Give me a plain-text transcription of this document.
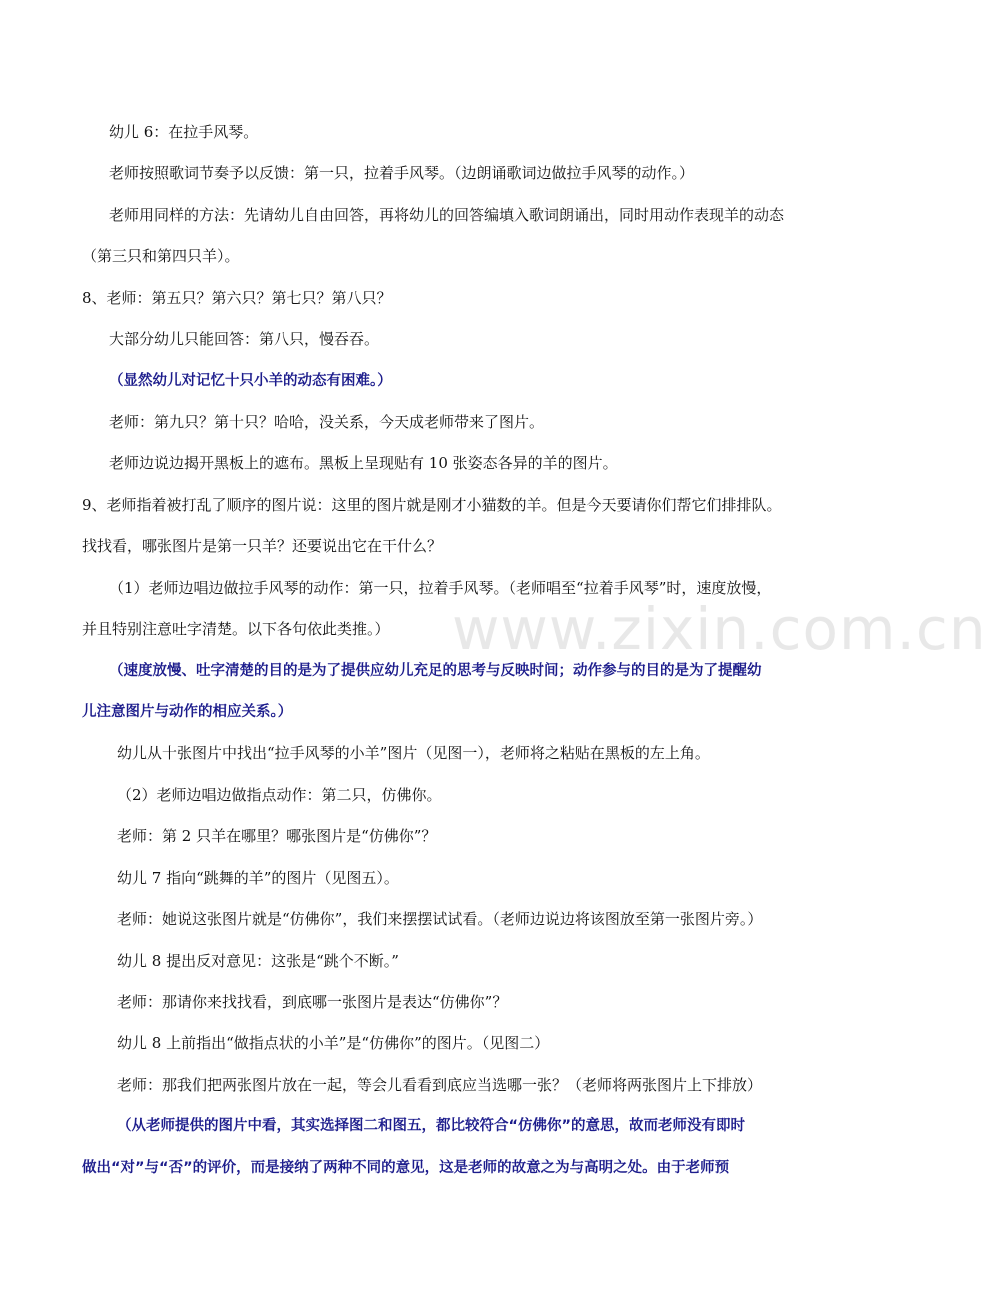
www.zixin.com.cn
幼儿 6：在拉手风琴。
老师按照歌词节奏予以反馈：第一只，拉着手风琴。（边朗诵歌词边做拉手风琴的动作。）
老师用同样的方法：先请幼儿自由回答，再将幼儿的回答编填入歌词朗诵出，同时用动作表现羊的动态
（第三只和第四只羊）。
8、老师：第五只？第六只？第七只？第八只？
大部分幼儿只能回答：第八只，慢吞吞。
（显然幼儿对记忆十只小羊的动态有困难。）
老师：第九只？第十只？哈哈，没关系，今天成老师带来了图片。
老师边说边揭开黑板上的遮布。黑板上呈现贴有 10 张姿态各异的羊的图片。
9、老师指着被打乱了顺序的图片说：这里的图片就是刚才小猫数的羊。但是今天要请你们帮它们排排队。
找找看，哪张图片是第一只羊？还要说出它在干什么？
（1）老师边唱边做拉手风琴的动作：第一只，拉着手风琴。（老师唱至“拉着手风琴”时，速度放慢，
并且特别注意吐字清楚。以下各句依此类推。）
（速度放慢、吐字清楚的目的是为了提供应幼儿充足的思考与反映时间；动作参与的目的是为了提醒幼
儿注意图片与动作的相应关系。）
幼儿从十张图片中找出“拉手风琴的小羊”图片（见图一），老师将之粘贴在黑板的左上角。
（2）老师边唱边做指点动作：第二只，仿佛你。
老师：第 2 只羊在哪里？哪张图片是“仿佛你”？
幼儿 7 指向“跳舞的羊”的图片（见图五）。
老师：她说这张图片就是“仿佛你”，我们来摆摆试试看。（老师边说边将该图放至第一张图片旁。）
幼儿 8 提出反对意见：这张是“跳个不断。”
老师：那请你来找找看，到底哪一张图片是表达“仿佛你”？
幼儿 8 上前指出“做指点状的小羊”是“仿佛你”的图片。（见图二）
老师：那我们把两张图片放在一起，等会儿看看到底应当选哪一张？（老师将两张图片上下排放）
（从老师提供的图片中看，其实选择图二和图五，都比较符合“仿佛你”的意思，故而老师没有即时
做出“对”与“否”的评价，而是接纳了两种不同的意见，这是老师的故意之为与高明之处。由于老师预
